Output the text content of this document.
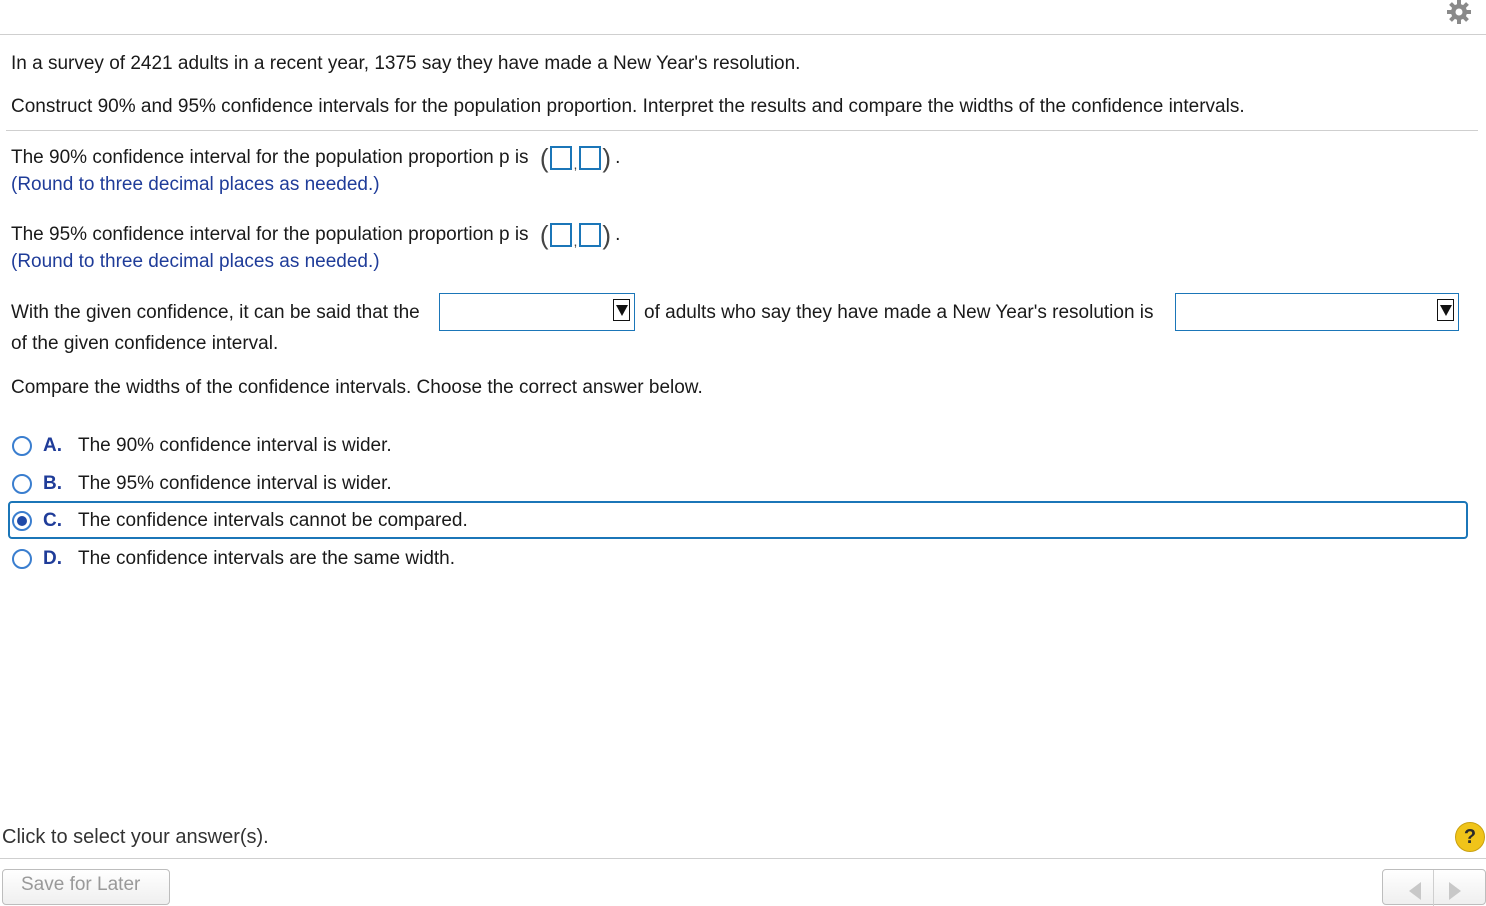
In a survey of 2421 adults in a recent year, 1375 say they have made a New Year's resolution.
Construct 90% and 95% confidence intervals for the population proportion. Interpret the results and compare the widths of the confidence intervals.
The 90% confidence interval for the population proportion p is ( , ) .
(Round to three decimal places as needed.)
The 95% confidence interval for the population proportion p is ( , ) .
(Round to three decimal places as needed.)
With the given confidence, it can be said that the	of adults who say they have made a New Year's resolution is
of the given confidence interval.
Compare the widths of the confidence intervals. Choose the correct answer below.
A. The 90% confidence interval is wider.
B. The 95% confidence interval is wider.
C. The confidence intervals cannot be compared.
D. The confidence intervals are the same width.
Click to select your answer(s).	?
Save for Later
